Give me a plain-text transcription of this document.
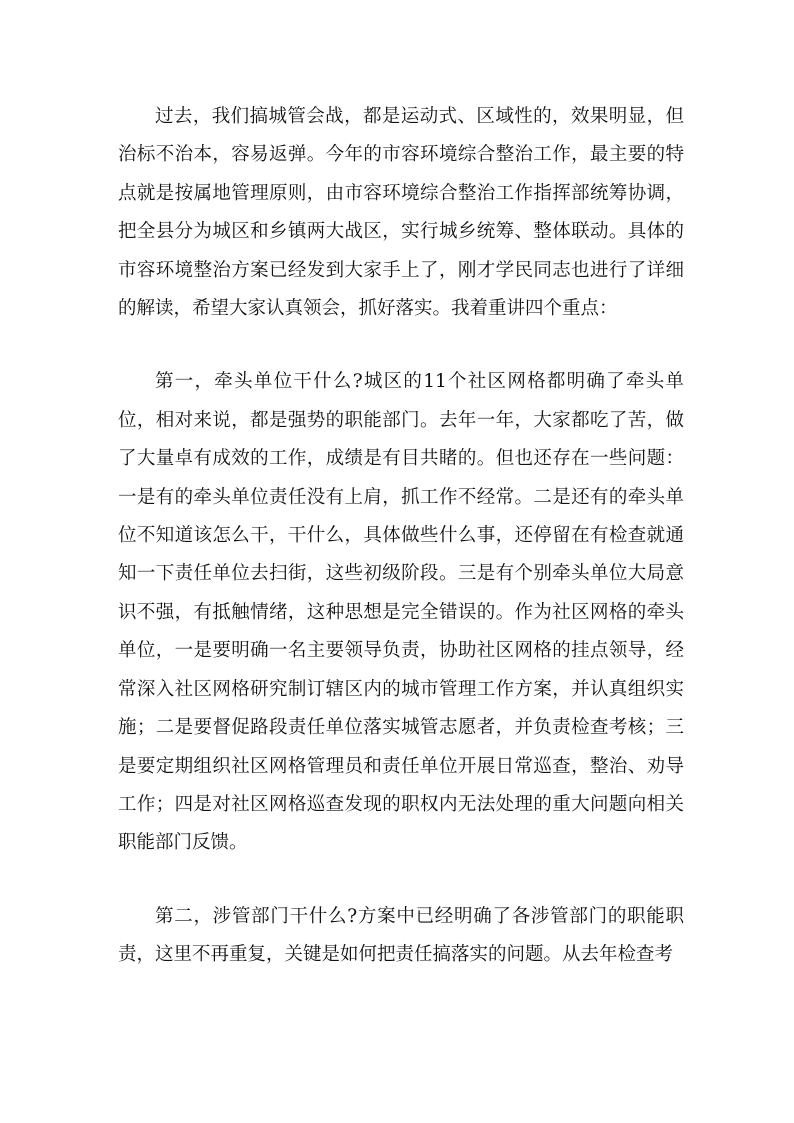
过去，我们搞城管会战，都是运动式、区域性的，效果明显，但治标不治本，容易返弹。今年的市容环境综合整治工作，最主要的特点就是按属地管理原则，由市容环境综合整治工作指挥部统筹协调，把全县分为城区和乡镇两大战区，实行城乡统筹、整体联动。具体的市容环境整治方案已经发到大家手上了，刚才学民同志也进行了详细的解读，希望大家认真领会，抓好落实。我着重讲四个重点：

第一，牵头单位干什么?城区的11个社区网格都明确了牵头单位，相对来说，都是强势的职能部门。去年一年，大家都吃了苦，做了大量卓有成效的工作，成绩是有目共睹的。但也还存在一些问题：一是有的牵头单位责任没有上肩，抓工作不经常。二是还有的牵头单位不知道该怎么干，干什么，具体做些什么事，还停留在有检查就通知一下责任单位去扫街，这些初级阶段。三是有个别牵头单位大局意识不强，有抵触情绪，这种思想是完全错误的。作为社区网格的牵头单位，一是要明确一名主要领导负责，协助社区网格的挂点领导，经常深入社区网格研究制订辖区内的城市管理工作方案，并认真组织实施；二是要督促路段责任单位落实城管志愿者，并负责检查考核；三是要定期组织社区网格管理员和责任单位开展日常巡查，整治、劝导工作；四是对社区网格巡查发现的职权内无法处理的重大问题向相关职能部门反馈。

第二，涉管部门干什么?方案中已经明确了各涉管部门的职能职责，这里不再重复，关键是如何把责任搞落实的问题。从去年检查考
